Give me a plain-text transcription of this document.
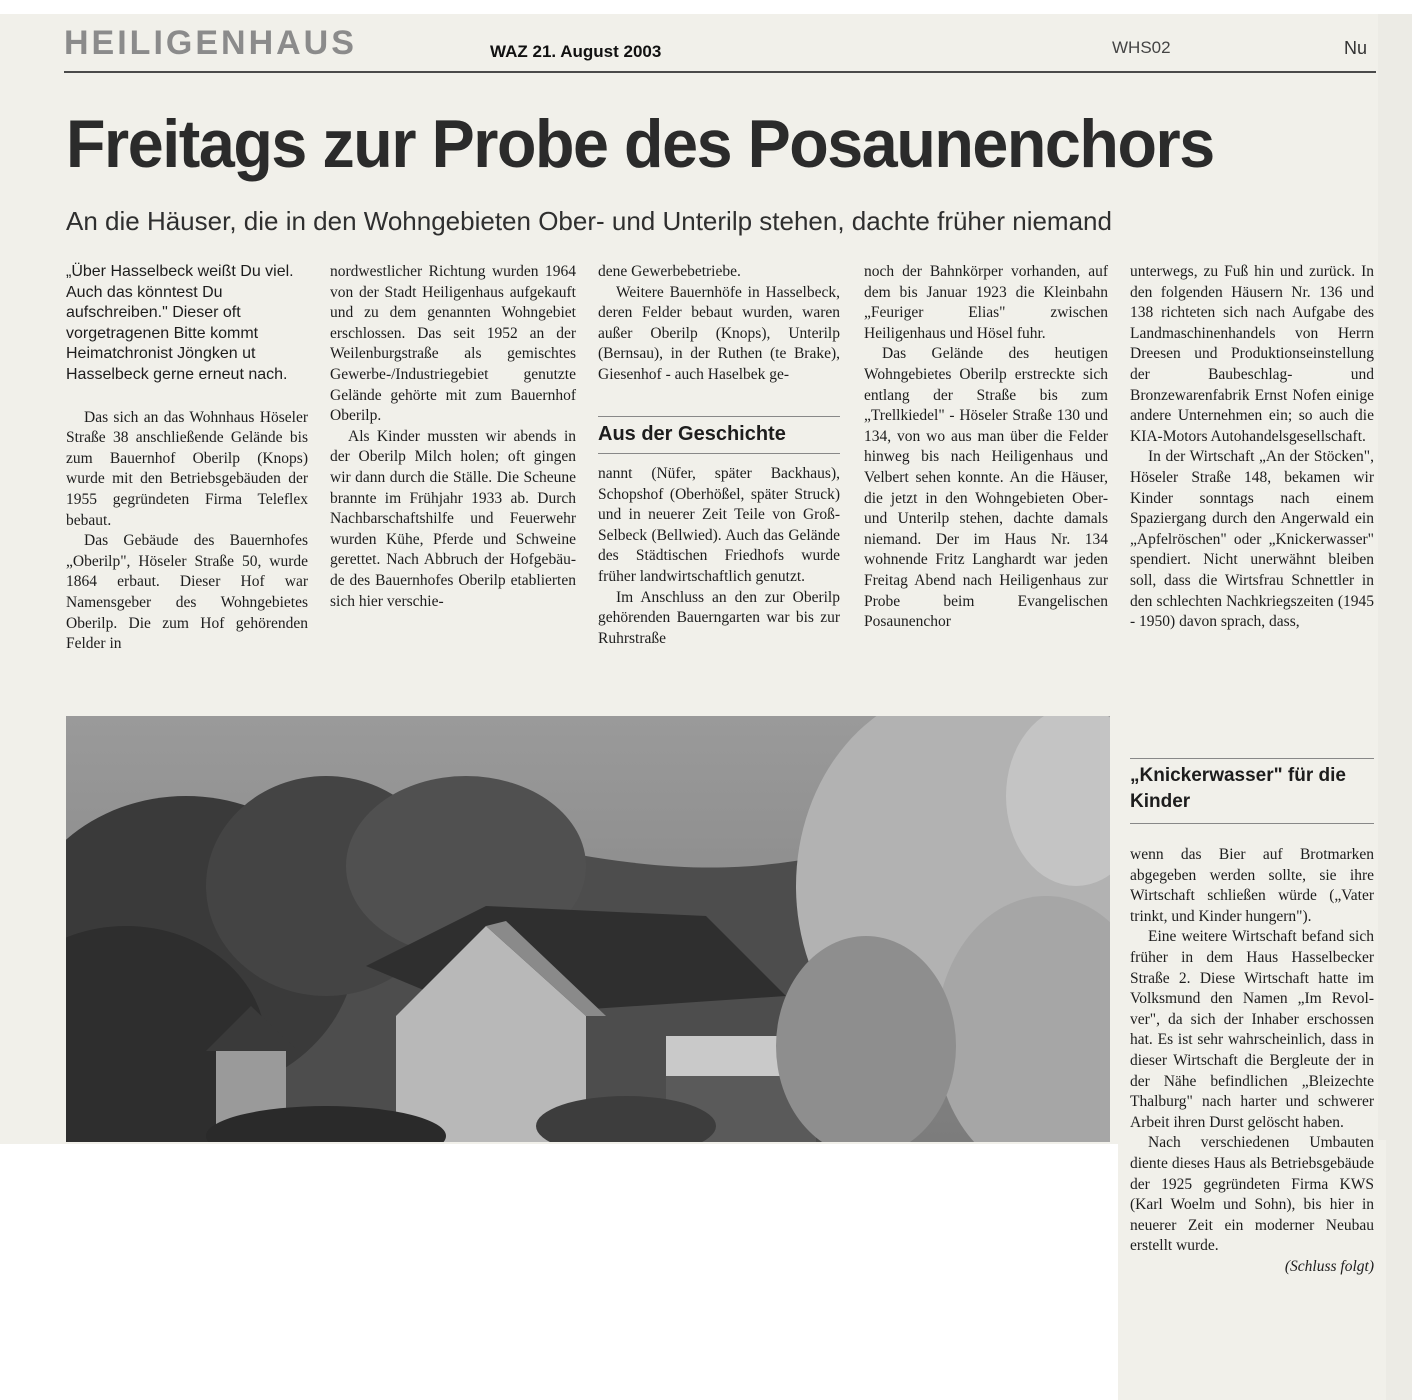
HEILIGENHAUS	WAZ 21. August 2003	WHS02	Nu
Freitags zur Probe des Posaunenchors
An die Häuser, die in den Wohngebieten Ober- und Unterilp stehen, dachte früher niemand

„Über Hasselbeck weißt Du viel. Auch das könntest Du aufschreiben." Dieser oft vorgetragenen Bitte kommt Heimatchronist Jöngken ut Hasselbeck gerne erneut nach.

Das sich an das Wohnhaus Höseler Straße 38 anschließende Gelände bis zum Bauernhof Oberilp (Knops) wurde mit den Betriebsgebäuden der 1955 gegründeten Firma Teleflex bebaut.

Das Gebäude des Bauernhofes „Oberilp", Höseler Straße 50, wurde 1864 erbaut. Dieser Hof war Namensgeber des Wohngebietes Oberilp. Die zum Hof gehörenden Felder in

nordwestlicher Richtung wurden 1964 von der Stadt Heiligenhaus aufgekauft und zu dem genannten Wohngebiet erschlossen. Das seit 1952 an der Weilenburgstraße als gemischtes Gewerbe-/Industriegebiet genutzte Gelände gehörte mit zum Bauernhof Oberilp.

Als Kinder mussten wir abends in der Oberilp Milch holen; oft gingen wir dann durch die Ställe. Die Scheune brannte im Frühjahr 1933 ab. Durch Nachbarschaftshilfe und Feuerwehr wurden Kühe, Pferde und Schweine gerettet. Nach Abbruch der Hofgebäude des Bauernhofes Oberilp etablierten sich hier verschie-

dene Gewerbebetriebe.

Weitere Bauernhöfe in Hasselbeck, deren Felder bebaut wurden, waren außer Oberilp (Knops), Unterilp (Bernsau), in der Ruthen (te Brake), Giesenhof - auch Haselbek ge-

Aus der Geschichte

nannt (Nüfer, später Backhaus), Schopshof (Oberhößel, später Struck) und in neuerer Zeit Teile von Groß-Selbeck (Bellwied). Auch das Gelände des Städtischen Friedhofs wurde früher landwirtschaftlich genutzt.

Im Anschluss an den zur Oberilp gehörenden Bauerngarten war bis zur Ruhrstraße

noch der Bahnkörper vorhanden, auf dem bis Januar 1923 die Kleinbahn „Feuriger Elias" zwischen Heiligenhaus und Hösel fuhr.

Das Gelände des heutigen Wohngebietes Oberilp erstreckte sich entlang der Straße bis zum „Trellkiedel" - Höseler Straße 130 und 134, von wo aus man über die Felder hinweg bis nach Heiligenhaus und Velbert sehen konnte. An die Häuser, die jetzt in den Wohngebieten Ober- und Unterilp stehen, dachte damals niemand. Der im Haus Nr. 134 wohnende Fritz Langhardt war jeden Freitag Abend nach Heiligenhaus zur Probe beim Evangelischen Posaunenchor

unterwegs, zu Fuß hin und zurück. In den folgenden Häusern Nr. 136 und 138 richteten sich nach Aufgabe des Landmaschinenhandels von Herrn Dreesen und Produktionseinstellung der Baubeschlag- und Bronzewarenfabrik Ernst Nofen einige andere Unternehmen ein; so auch die KIA-Motors Autohandelsgesellschaft.

In der Wirtschaft „An der Stöcken", Höseler Straße 148, bekamen wir Kinder sonntags nach einem Spaziergang durch den Angerwald ein „Apfelröschen" oder „Knickerwasser" spendiert. Nicht unerwähnt bleiben soll, dass die Wirtsfrau Schnettler in den schlechten Nachkriegszeiten (1945 - 1950) davon sprach, dass,

„Knickerwasser" für die Kinder

wenn das Bier auf Brotmarken abgegeben werden sollte, sie ihre Wirtschaft schließen würde („Vater trinkt, und Kinder hungern").

Eine weitere Wirtschaft befand sich früher in dem Haus Hasselbecker Straße 2. Diese Wirtschaft hatte im Volksmund den Namen „Im Revolver", da sich der Inhaber erschossen hat. Es ist sehr wahrscheinlich, dass in dieser Wirtschaft die Bergleute der in der Nähe befindlichen „Bleizechte Thalburg" nach harter und schwerer Arbeit ihren Durst gelöscht haben.

Nach verschiedenen Umbauten diente dieses Haus als Betriebsgebäude der 1925 gegründeten Firma KWS (Karl Woelm und Sohn), bis hier in neuerer Zeit ein moderner Neubau erstellt wurde.

(Schluss folgt)
